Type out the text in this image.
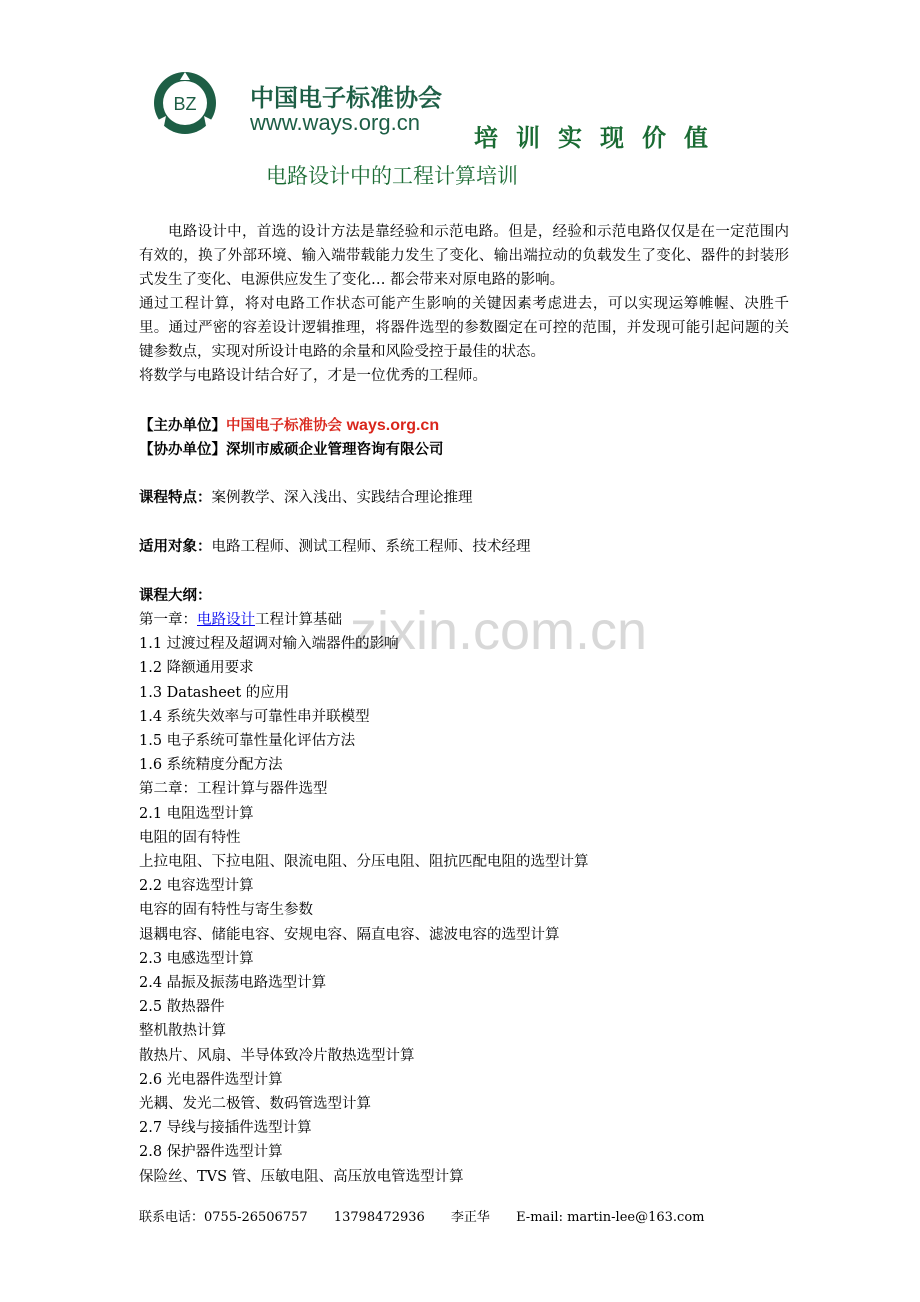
BZ 中国电子标准协会
www.ways.org.cn
培训实现价值
电路设计中的工程计算培训

电路设计中，首选的设计方法是靠经验和示范电路。但是，经验和示范电路仅仅是在一定范围内有效的，换了外部环境、输入端带载能力发生了变化、输出端拉动的负载发生了变化、器件的封装形式发生了变化、电源供应发生了变化… 都会带来对原电路的影响。

通过工程计算，将对电路工作状态可能产生影响的关键因素考虑进去，可以实现运筹帷幄、决胜千里。通过严密的容差设计逻辑推理，将器件选型的参数圈定在可控的范围，并发现可能引起问题的关键参数点，实现对所设计电路的余量和风险受控于最佳的状态。

将数学与电路设计结合好了，才是一位优秀的工程师。

【主办单位】中国电子标准协会 ways.org.cn
【协办单位】深圳市威硕企业管理咨询有限公司
课程特点：案例教学、深入浅出、实践结合理论推理
适用对象：电路工程师、测试工程师、系统工程师、技术经理
zixin.com.cn
课程大纲：
第一章：电路设计工程计算基础
1.1 过渡过程及超调对输入端器件的影响
1.2 降额通用要求
1.3 Datasheet 的应用
1.4 系统失效率与可靠性串并联模型
1.5 电子系统可靠性量化评估方法
1.6 系统精度分配方法
第二章：工程计算与器件选型
2.1 电阻选型计算
电阻的固有特性
上拉电阻、下拉电阻、限流电阻、分压电阻、阻抗匹配电阻的选型计算
2.2 电容选型计算
电容的固有特性与寄生参数
退耦电容、储能电容、安规电容、隔直电容、滤波电容的选型计算
2.3 电感选型计算
2.4 晶振及振荡电路选型计算
2.5 散热器件
整机散热计算
散热片、风扇、半导体致冷片散热选型计算
2.6 光电器件选型计算
光耦、发光二极管、数码管选型计算
2.7 导线与接插件选型计算
2.8 保护器件选型计算
保险丝、TVS 管、压敏电阻、高压放电管选型计算
联系电话：0755-26506757 13798472936 李正华 E-mail: martin-lee@163.com
